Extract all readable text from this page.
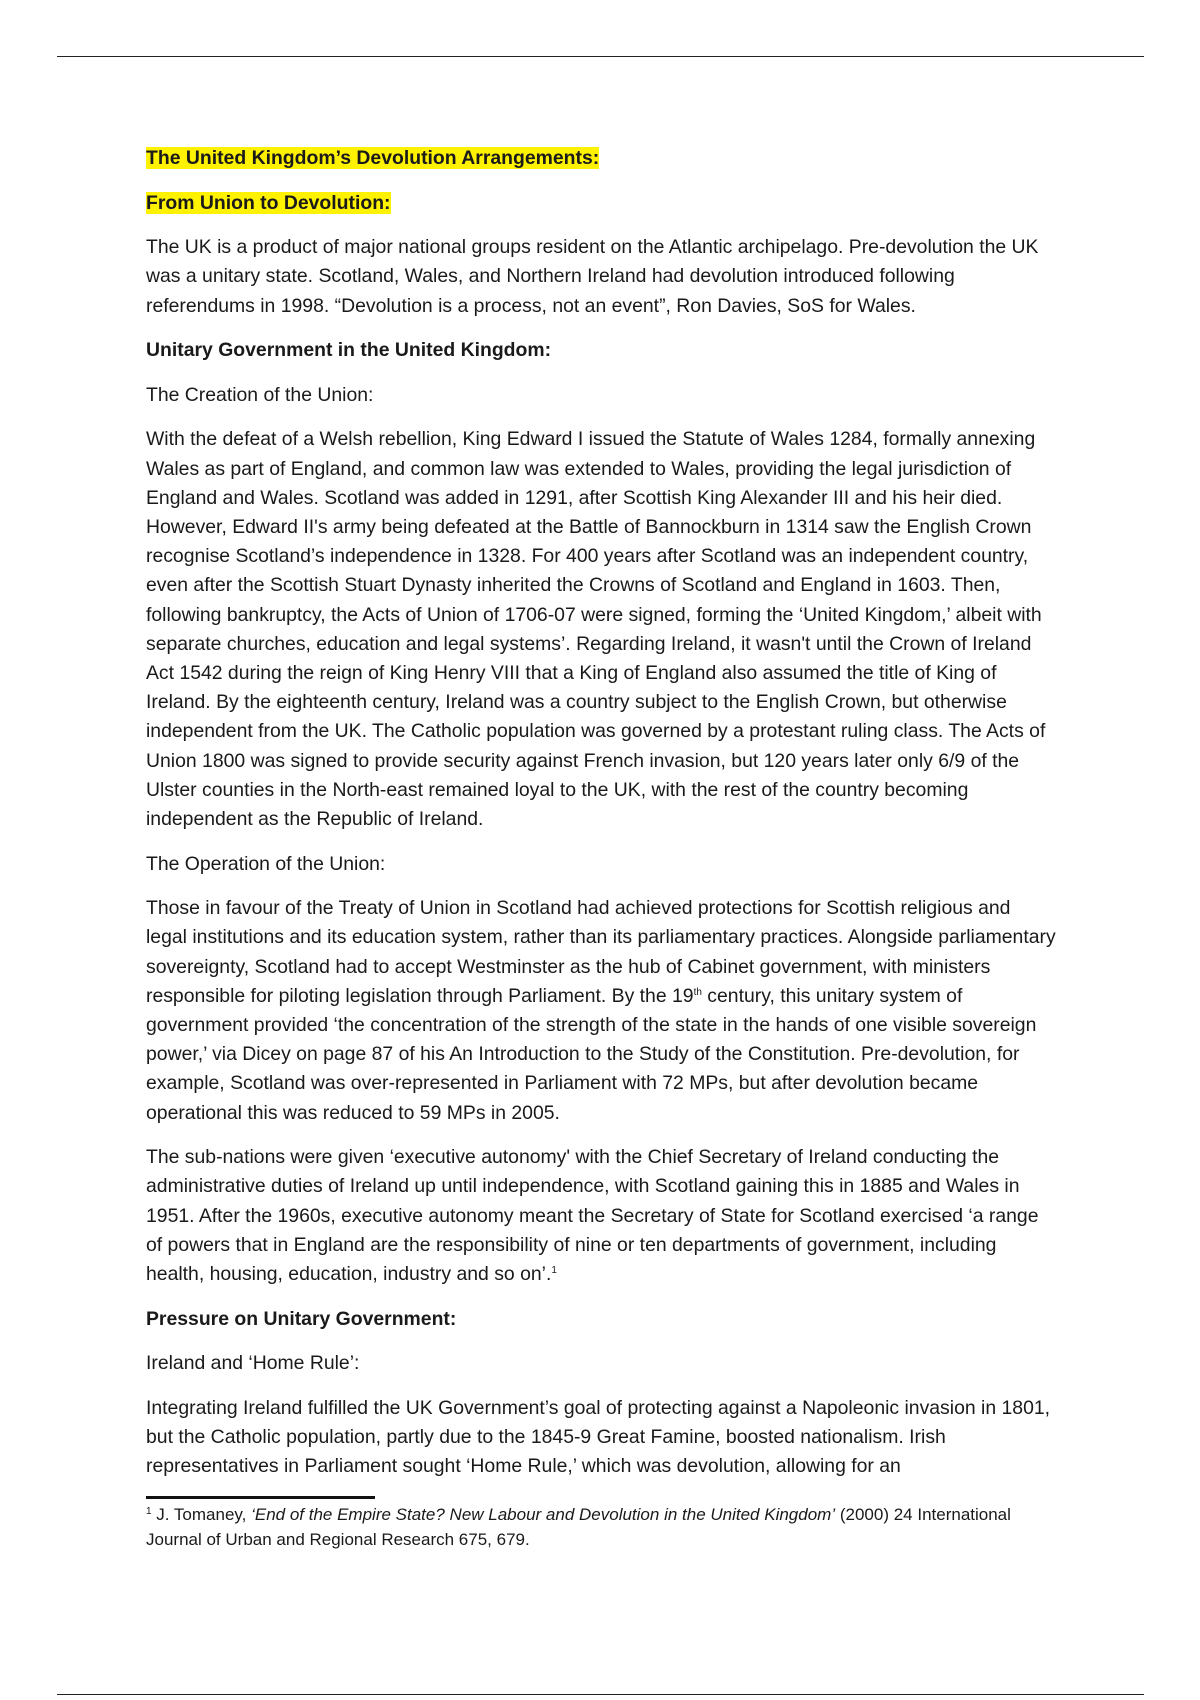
The United Kingdom’s Devolution Arrangements:

From Union to Devolution:

The UK is a product of major national groups resident on the Atlantic archipelago. Pre-devolution the UK was a unitary state. Scotland, Wales, and Northern Ireland had devolution introduced following referendums in 1998. “Devolution is a process, not an event”, Ron Davies, SoS for Wales.

Unitary Government in the United Kingdom:

The Creation of the Union:

With the defeat of a Welsh rebellion, King Edward I issued the Statute of Wales 1284, formally annexing Wales as part of England, and common law was extended to Wales, providing the legal jurisdiction of England and Wales. Scotland was added in 1291, after Scottish King Alexander III and his heir died. However, Edward II's army being defeated at the Battle of Bannockburn in 1314 saw the English Crown recognise Scotland’s independence in 1328. For 400 years after Scotland was an independent country, even after the Scottish Stuart Dynasty inherited the Crowns of Scotland and England in 1603. Then, following bankruptcy, the Acts of Union of 1706-07 were signed, forming the ‘United Kingdom,’ albeit with separate churches, education and legal systems’. Regarding Ireland, it wasn't until the Crown of Ireland Act 1542 during the reign of King Henry VIII that a King of England also assumed the title of King of Ireland. By the eighteenth century, Ireland was a country subject to the English Crown, but otherwise independent from the UK. The Catholic population was governed by a protestant ruling class. The Acts of Union 1800 was signed to provide security against French invasion, but 120 years later only 6/9 of the Ulster counties in the North-east remained loyal to the UK, with the rest of the country becoming independent as the Republic of Ireland.

The Operation of the Union:

Those in favour of the Treaty of Union in Scotland had achieved protections for Scottish religious and legal institutions and its education system, rather than its parliamentary practices. Alongside parliamentary sovereignty, Scotland had to accept Westminster as the hub of Cabinet government, with ministers responsible for piloting legislation through Parliament. By the 19th century, this unitary system of government provided ‘the concentration of the strength of the state in the hands of one visible sovereign power,’ via Dicey on page 87 of his An Introduction to the Study of the Constitution. Pre-devolution, for example, Scotland was over-represented in Parliament with 72 MPs, but after devolution became operational this was reduced to 59 MPs in 2005.

The sub-nations were given ‘executive autonomy' with the Chief Secretary of Ireland conducting the administrative duties of Ireland up until independence, with Scotland gaining this in 1885 and Wales in 1951. After the 1960s, executive autonomy meant the Secretary of State for Scotland exercised ‘a range of powers that in England are the responsibility of nine or ten departments of government, including health, housing, education, industry and so on’.$^1$

Pressure on Unitary Government:

Ireland and ‘Home Rule’:

Integrating Ireland fulfilled the UK Government’s goal of protecting against a Napoleonic invasion in 1801, but the Catholic population, partly due to the 1845-9 Great Famine, boosted nationalism. Irish representatives in Parliament sought ‘Home Rule,’ which was devolution, allowing for an

$^1$ J. Tomaney, ‘End of the Empire State? New Labour and Devolution in the United Kingdom’ (2000) 24 International Journal of Urban and Regional Research 675, 679.
